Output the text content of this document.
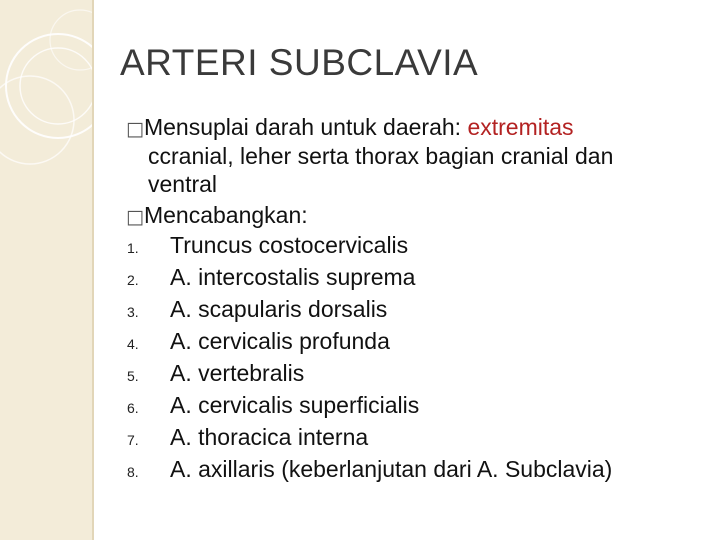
ARTERI SUBCLAVIA
□Mensuplai darah untuk daerah: extremitas
ccranial, leher serta thorax bagian cranial dan
ventral
□Mencabangkan:
1.	Truncus costocervicalis
2.	A. intercostalis suprema
3.	A. scapularis dorsalis
4.	A. cervicalis profunda
5.	A. vertebralis
6.	A. cervicalis superficialis
7.	A. thoracica interna
8.	A. axillaris (keberlanjutan dari A. Subclavia)
